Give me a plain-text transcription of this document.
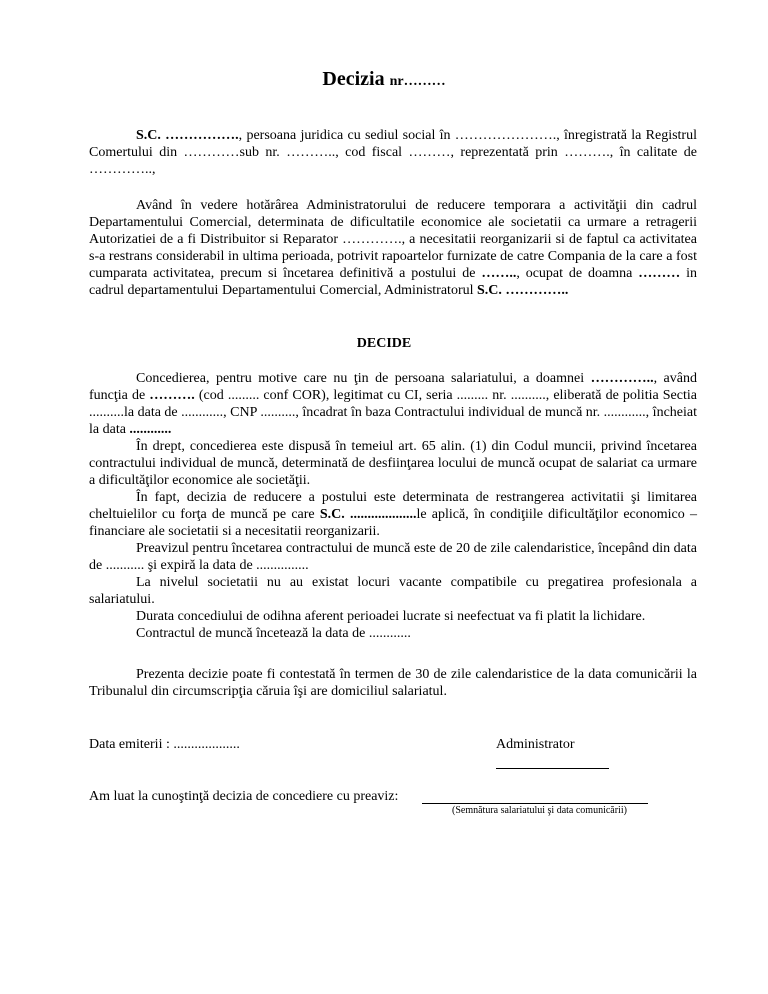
Decizia nr………

S.C. ……………., persoana juridica cu sediul social în …………………., înregistrată la Registrul Comertului din …………sub nr. ……….., cod fiscal ………, reprezentată prin ………., în calitate de …………..,

Având în vedere hotărârea Administratorului de reducere temporara a activităţii din cadrul Departamentului Comercial, determinata de dificultatile economice ale societatii ca urmare a retragerii Autorizatiei de a fi Distribuitor si Reparator …………., a necesitatii reorganizarii si de faptul ca activitatea s-a restrans considerabil in ultima perioada, potrivit rapoartelor furnizate de catre Compania de la care a fost cumparata activitatea, precum si încetarea definitivă a postului de …….., ocupat de doamna ……… in cadrul departamentului Departamentului Comercial, Administratorul S.C. …………..

DECIDE

Concedierea, pentru motive care nu ţin de persoana salariatului, a doamnei ………….., având funcţia de ………. (cod ......... conf COR), legitimat cu CI, seria ......... nr. .........., eliberată de politia Sectia ..........la data de ............, CNP .........., încadrat în baza Contractului individual de muncă nr. ............, încheiat la data ............

În drept, concedierea este dispusă în temeiul art. 65 alin. (1) din Codul muncii, privind încetarea contractului individual de muncă, determinată de desfiinţarea locului de muncă ocupat de salariat ca urmare a dificultăţilor economice ale societăţii.

În fapt, decizia de reducere a postului este determinata de restrangerea activitatii şi limitarea cheltuielilor cu forţa de muncă pe care S.C. ...................le aplică, în condiţiile dificultăţilor economico – financiare ale societatii si a necesitatii reorganizarii.

Preavizul pentru încetarea contractului de muncă este de 20 de zile calendaristice, începând din data de ........... şi expiră la data de ...............

La nivelul societatii nu au existat locuri vacante compatibile cu pregatirea profesionala a salariatului.

Durata concediului de odihna aferent perioadei lucrate si neefectuat va fi platit la lichidare.

Contractul de muncă încetează la data de ............

Prezenta decizie poate fi contestată în termen de 30 de zile calendaristice de la data comunicării la Tribunalul din circumscripţia căruia îşi are domiciliul salariatul.

Data emiterii : ...................	Administrator
Am luat la cunoştinţă decizia de concediere cu preaviz:
(Semnătura salariatului şi data comunicării)
